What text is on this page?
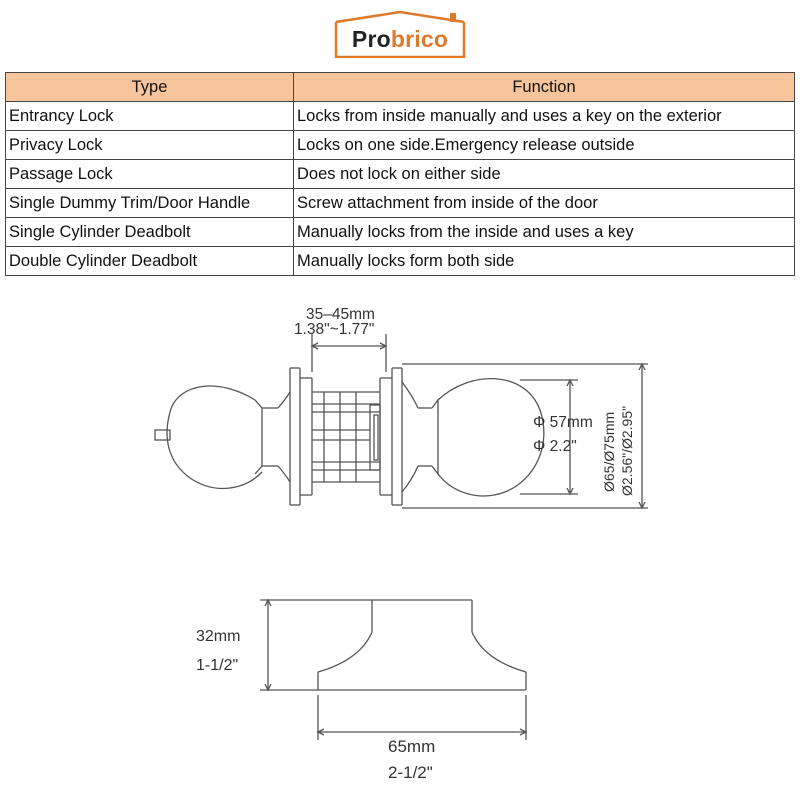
Probrico
Type	Function
Entrancy Lock	Locks from inside manually and uses a key on the exterior
Privacy Lock	Locks on one side.Emergency release outside
Passage Lock	Does not lock on either side
Single Dummy Trim/Door Handle	Screw attachment from inside of the door
Single Cylinder Deadbolt	Manually locks from the inside and uses a key
Double Cylinder Deadbolt	Manually locks form both side
35–45mm
1.38"~1.77"
Φ 57mm
Φ 2.2" Ø65/Ø75mm Ø2.56"/Ø2.95"
32mm
1-1/2"
65mm
2-1/2"
